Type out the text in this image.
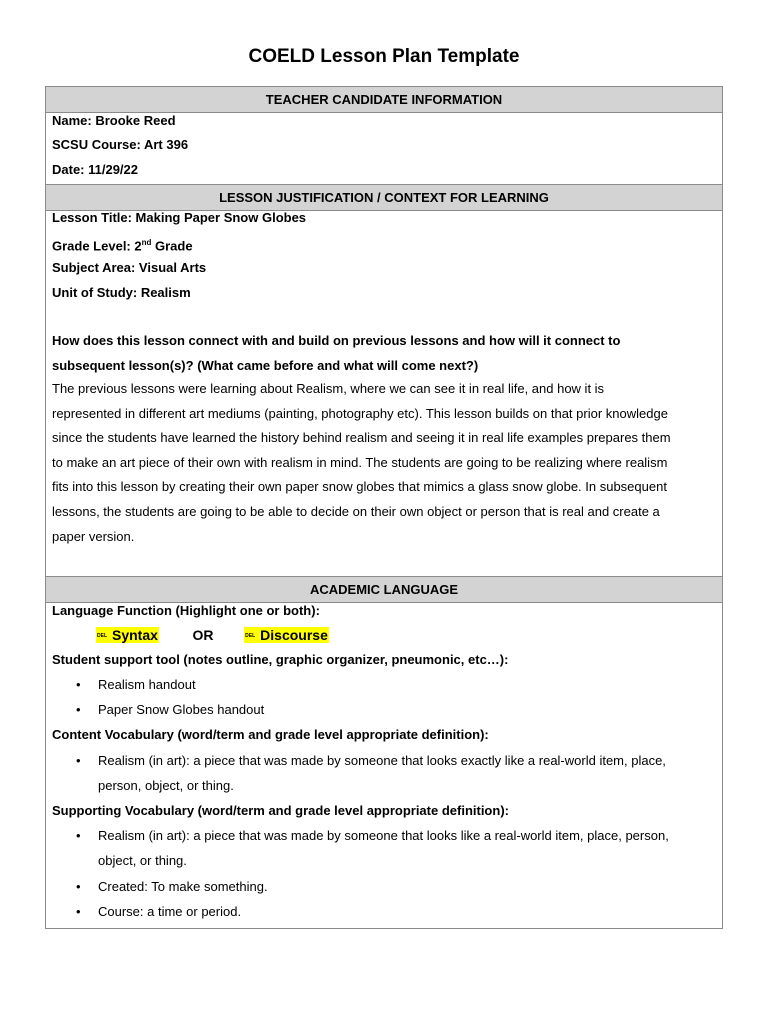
COELD Lesson Plan Template
TEACHER CANDIDATE INFORMATION
Name: Brooke Reed
SCSU Course: Art 396
Date: 11/29/22
LESSON JUSTIFICATION / CONTEXT FOR LEARNING
Lesson Title: Making Paper Snow Globes
Grade Level: 2nd Grade
Subject Area: Visual Arts
Unit of Study: Realism
How does this lesson connect with and build on previous lessons and how will it connect to
subsequent lesson(s)? (What came before and what will come next?)
The previous lessons were learning about Realism, where we can see it in real life, and how it is
represented in different art mediums (painting, photography etc). This lesson builds on that prior knowledge
since the students have learned the history behind realism and seeing it in real life examples prepares them
to make an art piece of their own with realism in mind. The students are going to be realizing where realism
fits into this lesson by creating their own paper snow globes that mimics a glass snow globe. In subsequent
lessons, the students are going to be able to decide on their own object or person that is real and create a
paper version.
ACADEMIC LANGUAGE
Language Function (Highlight one or both):
DEL Syntax OR	DEL Discourse
Student support tool (notes outline, graphic organizer, pneumonic, etc…):
• Realism handout
• Paper Snow Globes handout
Content Vocabulary (word/term and grade level appropriate definition):
• Realism (in art): a piece that was made by someone that looks exactly like a real-world item, place,
person, object, or thing.
Supporting Vocabulary (word/term and grade level appropriate definition):
• Realism (in art): a piece that was made by someone that looks like a real-world item, place, person,
object, or thing.
• Created: To make something.
• Course: a time or period.
